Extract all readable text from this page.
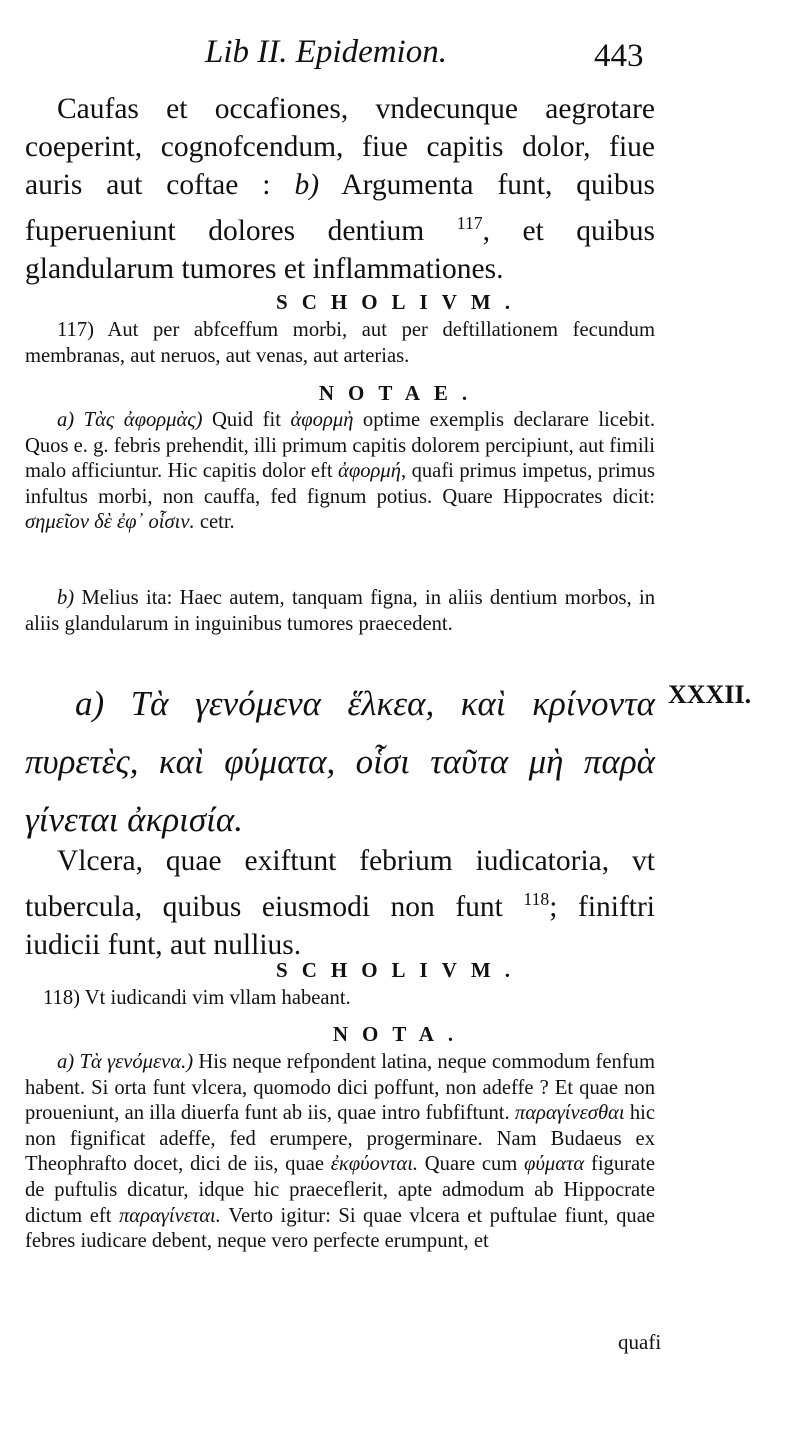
Lib II. Epidemion.	443
Caufas et occafiones, vndecunque aegrotare coeperint, cognofcendum, fiue capitis dolor, fiue auris aut coftae : b) Argumenta funt, quibus fuperueniunt dolores dentium $^{117}$, et quibus glandularum tumores et inflammationes.
SCHOLIVM.
117) Aut per abfceffum morbi, aut per deftillationem fecundum membranas, aut neruos, aut venas, aut arterias.
NOTAE.
a) Τὰς ἀφορμὰς) Quid fit ἀφορμὴ optime exemplis declarare licebit. Quos e. g. febris prehendit, illi primum capitis dolorem percipiunt, aut fimili malo afficiuntur. Hic capitis dolor eft ἀφορμή, quafi primus impetus, primus infultus morbi, non cauffa, fed fignum potius. Quare Hippocrates dicit: σημεῖον δὲ ἐφ᾽ οἷσιν. cetr.
b) Melius ita: Haec autem, tanquam figna, in aliis dentium morbos, in aliis glandularum in inguinibus tumores praecedent.
XXXII.
a) Τὰ γενόμενα ἕλκεα, καὶ κρίνοντα πυρετὲς, καὶ φύματα, οἷσι ταῦτα μὴ παρὰ γίνεται ἀκρισία.
Vlcera, quae exiftunt febrium iudicatoria, vt tubercula, quibus eiusmodi non funt $^{118}$; finiftri iudicii funt, aut nullius.
SCHOLIVM.
118) Vt iudicandi vim vllam habeant.
NOTA.
a) Τὰ γενόμενα.) His neque refpondent latina, neque commodum fenfum habent. Si orta funt vlcera, quomodo dici poffunt, non adeffe ? Et quae non proueniunt, an illa diuerfa funt ab iis, quae intro fubfiftunt. παραγίνεσθαι hic non fignificat adeffe, fed erumpere, progerminare. Nam Budaeus ex Theophrafto docet, dici de iis, quae ἐκφύονται. Quare cum φύματα figurate de puftulis dicatur, idque hic praeceflerit, apte admodum ab Hippocrate dictum eft παραγίνεται. Verto igitur: Si quae vlcera et puftulae fiunt, quae febres iudicare debent, neque vero perfecte erumpunt, et
quafi
